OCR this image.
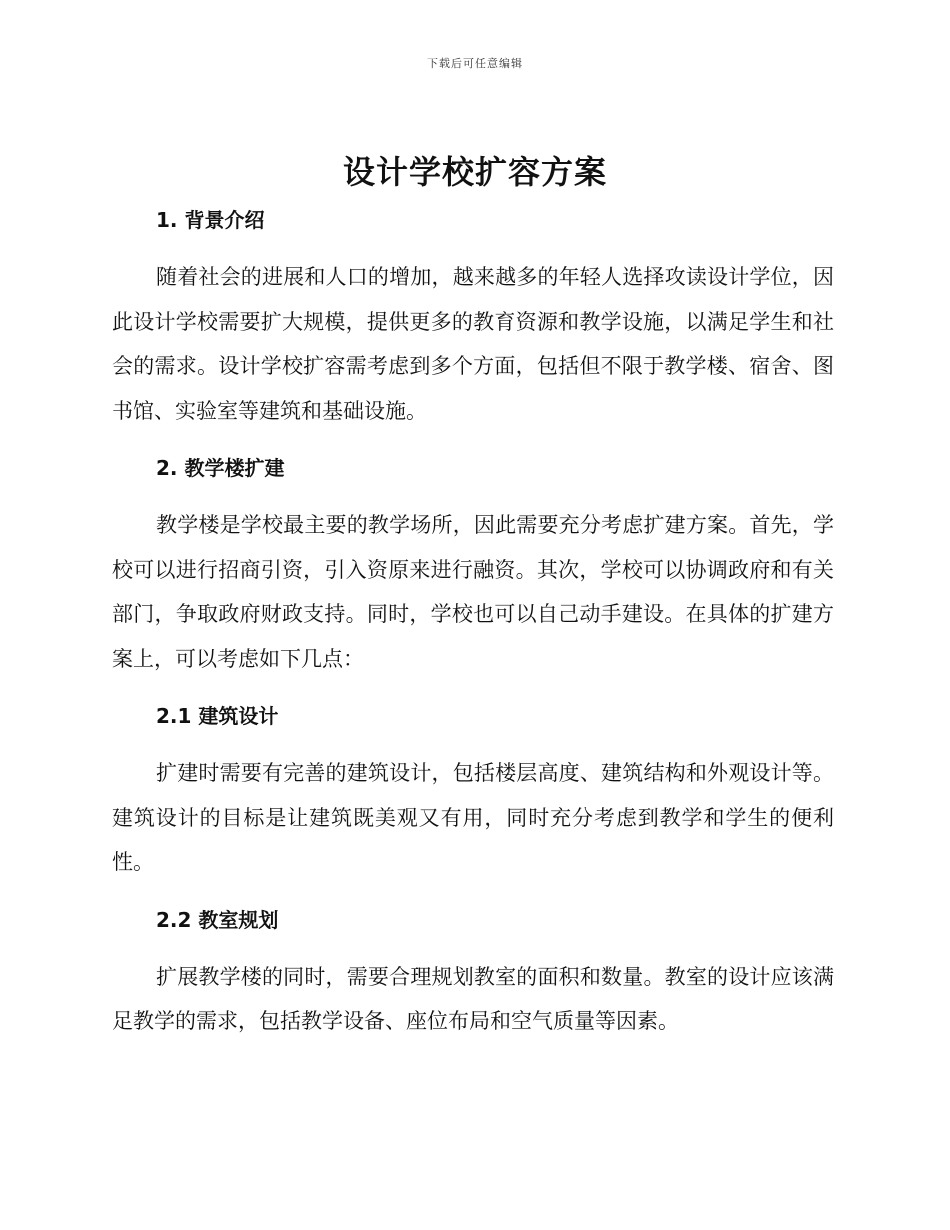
下载后可任意编辑
设计学校扩容方案
1. 背景介绍

随着社会的进展和人口的增加，越来越多的年轻人选择攻读设计学位，因此设计学校需要扩大规模，提供更多的教育资源和教学设施，以满足学生和社会的需求。设计学校扩容需考虑到多个方面，包括但不限于教学楼、宿舍、图书馆、实验室等建筑和基础设施。

2. 教学楼扩建

教学楼是学校最主要的教学场所，因此需要充分考虑扩建方案。首先，学校可以进行招商引资，引入资原来进行融资。其次，学校可以协调政府和有关部门，争取政府财政支持。同时，学校也可以自己动手建设。在具体的扩建方案上，可以考虑如下几点：

2.1 建筑设计

扩建时需要有完善的建筑设计，包括楼层高度、建筑结构和外观设计等。建筑设计的目标是让建筑既美观又有用，同时充分考虑到教学和学生的便利性。

2.2 教室规划

扩展教学楼的同时，需要合理规划教室的面积和数量。教室的设计应该满足教学的需求，包括教学设备、座位布局和空气质量等因素。
